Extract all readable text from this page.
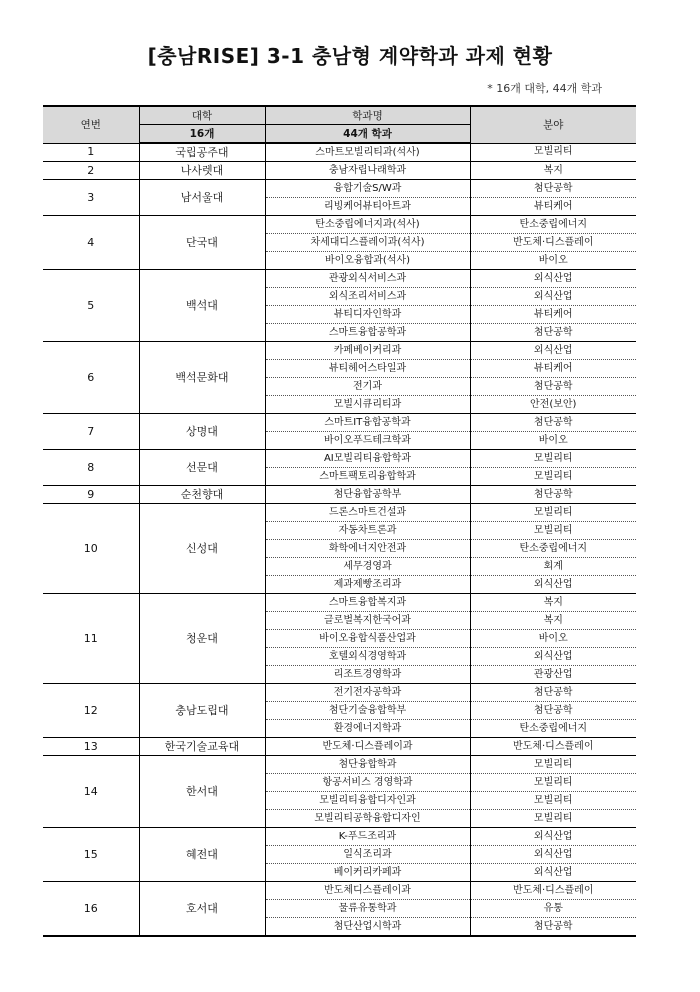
[충남RISE] 3-1 충남형 계약학과 과제 현황
* 16개 대학, 44개 학과
연번	대학	학과명	분야
	16개	44개 학과	
1	국립공주대	스마트모빌리티과(석사)	모빌리티
2	나사렛대	충남자립나래학과	복지
3	남서울대	융합기술S/W과	첨단공학
		리빙케어뷰티아트과	뷰티케어
4	단국대	탄소중립에너지과(석사)	탄소중립에너지
		차세대디스플레이과(석사)	반도체·디스플레이
		바이오융합과(석사)	바이오
5	백석대	관광외식서비스과	외식산업
		외식조리서비스과	외식산업
		뷰티디자인학과	뷰티케어
		스마트융합공학과	첨단공학
6	백석문화대	카페베이커리과	외식산업
		뷰티헤어스타일과	뷰티케어
		전기과	첨단공학
		모빌시큐리티과	안전(보안)
7	상명대	스마트IT융합공학과	첨단공학
		바이오푸드테크학과	바이오
8	선문대	AI모빌리티융합학과	모빌리티
		스마트팩토리융합학과	모빌리티
9	순천향대	첨단융합공학부	첨단공학
10	신성대	드론스마트건설과	모빌리티
		자동차트론과	모빌리티
		화학에너지안전과	탄소중립에너지
		세무경영과	회계
		제과제빵조리과	외식산업
11	청운대	스마트융합복지과	복지
		글로벌복지한국어과	복지
		바이오융합식품산업과	바이오
		호텔외식경영학과	외식산업
		리조트경영학과	관광산업
12	충남도립대	전기전자공학과	첨단공학
		첨단기술융합학부	첨단공학
		환경에너지학과	탄소중립에너지
13	한국기술교육대	반도체·디스플레이과	반도체·디스플레이
14	한서대	첨단융합학과	모빌리티
		항공서비스 경영학과	모빌리티
		모빌리티융합디자인과	모빌리티
		모빌리티공학융합디자인	모빌리티
15	혜전대	K-푸드조리과	외식산업
		일식조리과	외식산업
		베이커리카페과	외식산업
16	호서대	반도체디스플레이과	반도체·디스플레이
		물류유통학과	유통
		첨단산업시학과	첨단공학
